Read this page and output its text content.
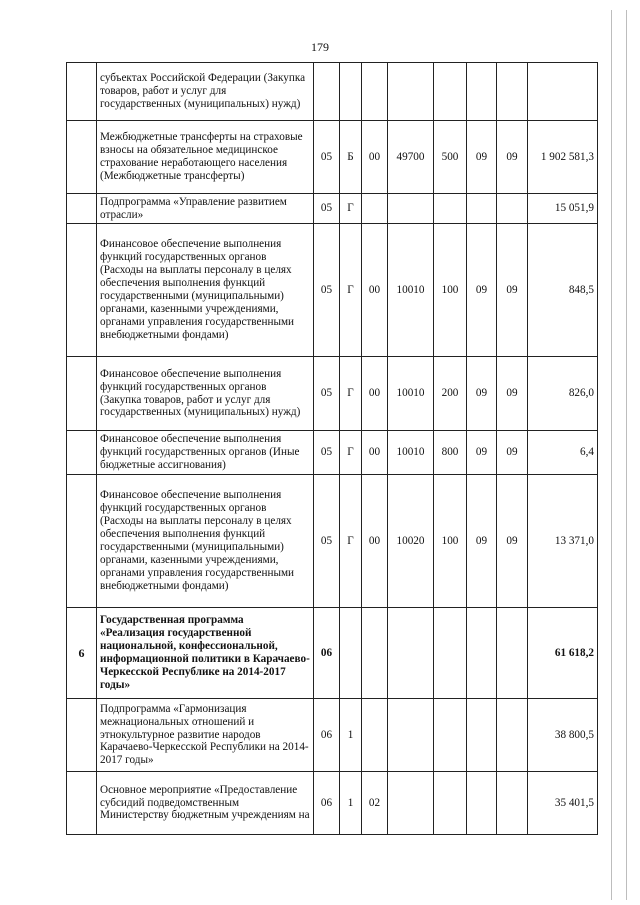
179
	субъектах Российской Федерации (Закупка товаров, работ и услуг для государственных (муниципальных) нужд)								
	Межбюджетные трансферты на страховые взносы на обязательное медицинское страхование неработающего населения (Межбюджетные трансферты)	05	Б	00	49700	500	09	09	1 902 581,3
	Подпрограмма «Управление развитием отрасли»	05	Г						15 051,9
	Финансовое обеспечение выполнения функций государственных органов (Расходы на выплаты персоналу в целях обеспечения выполнения функций государственными (муниципальными) органами, казенными учреждениями, органами управления государственными внебюджетными фондами)	05	Г	00	10010	100	09	09	848,5
	Финансовое обеспечение выполнения функций государственных органов (Закупка товаров, работ и услуг для государственных (муниципальных) нужд)	05	Г	00	10010	200	09	09	826,0
	Финансовое обеспечение выполнения функций государственных органов (Иные бюджетные ассигнования)	05	Г	00	10010	800	09	09	6,4
	Финансовое обеспечение выполнения функций государственных органов (Расходы на выплаты персоналу в целях обеспечения выполнения функций государственными (муниципальными) органами, казенными учреждениями, органами управления государственными внебюджетными фондами)	05	Г	00	10020	100	09	09	13 371,0
6	Государственная программа «Реализация государственной национальной, конфессиональной, информационной политики в Карачаево-Черкесской Республике на 2014-2017 годы»	06							61 618,2
	Подпрограмма «Гармонизация межнациональных отношений и этнокультурное развитие народов Карачаево-Черкесской Республики на 2014-2017 годы»	06	1						38 800,5
	Основное мероприятие «Предоставление субсидий подведомственным Министерству бюджетным учреждениям на	06	1	02					35 401,5
